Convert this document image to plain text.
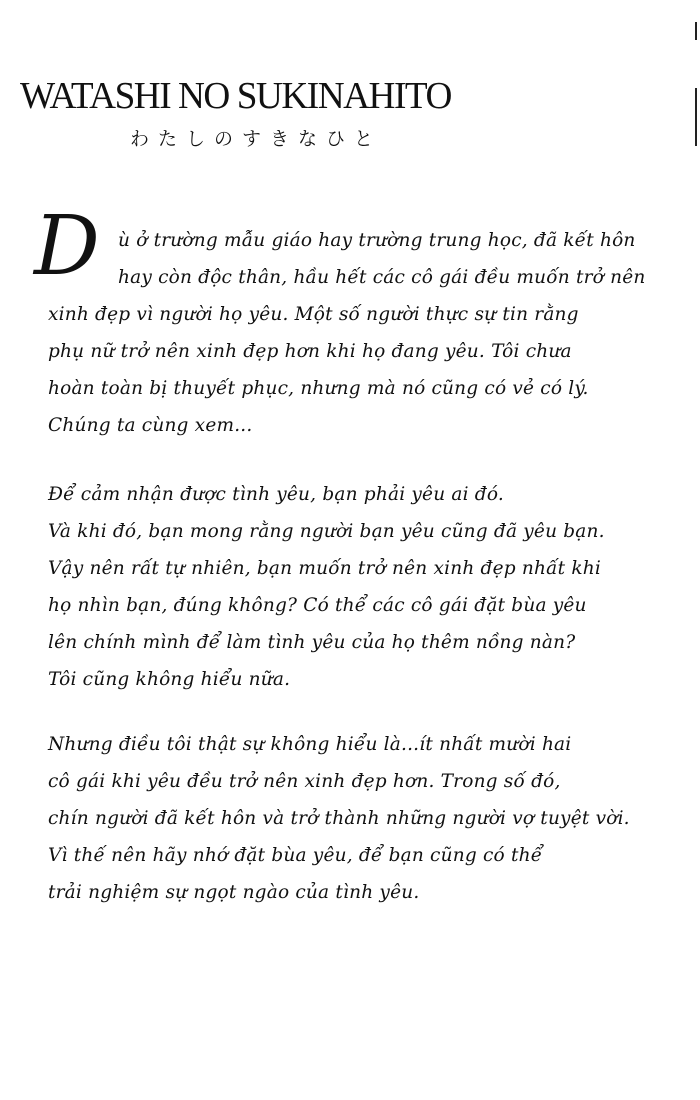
WATASHI NO SUKINAHITO
わたしのすきなひと
D ù ở trường mẫu giáo hay trường trung học, đã kết hôn
hay còn độc thân, hầu hết các cô gái đều muốn trở nên
xinh đẹp vì người họ yêu. Một số người thực sự tin rằng
phụ nữ trở nên xinh đẹp hơn khi họ đang yêu. Tôi chưa
hoàn toàn bị thuyết phục, nhưng mà nó cũng có vẻ có lý.
Chúng ta cùng xem...
Để cảm nhận được tình yêu, bạn phải yêu ai đó.
Và khi đó, bạn mong rằng người bạn yêu cũng đã yêu bạn.
Vậy nên rất tự nhiên, bạn muốn trở nên xinh đẹp nhất khi
họ nhìn bạn, đúng không? Có thể các cô gái đặt bùa yêu
lên chính mình để làm tình yêu của họ thêm nồng nàn?
Tôi cũng không hiểu nữa.
Nhưng điều tôi thật sự không hiểu là...ít nhất mười hai
cô gái khi yêu đều trở nên xinh đẹp hơn. Trong số đó,
chín người đã kết hôn và trở thành những người vợ tuyệt vời.
Vì thế nên hãy nhớ đặt bùa yêu, để bạn cũng có thể
trải nghiệm sự ngọt ngào của tình yêu.
